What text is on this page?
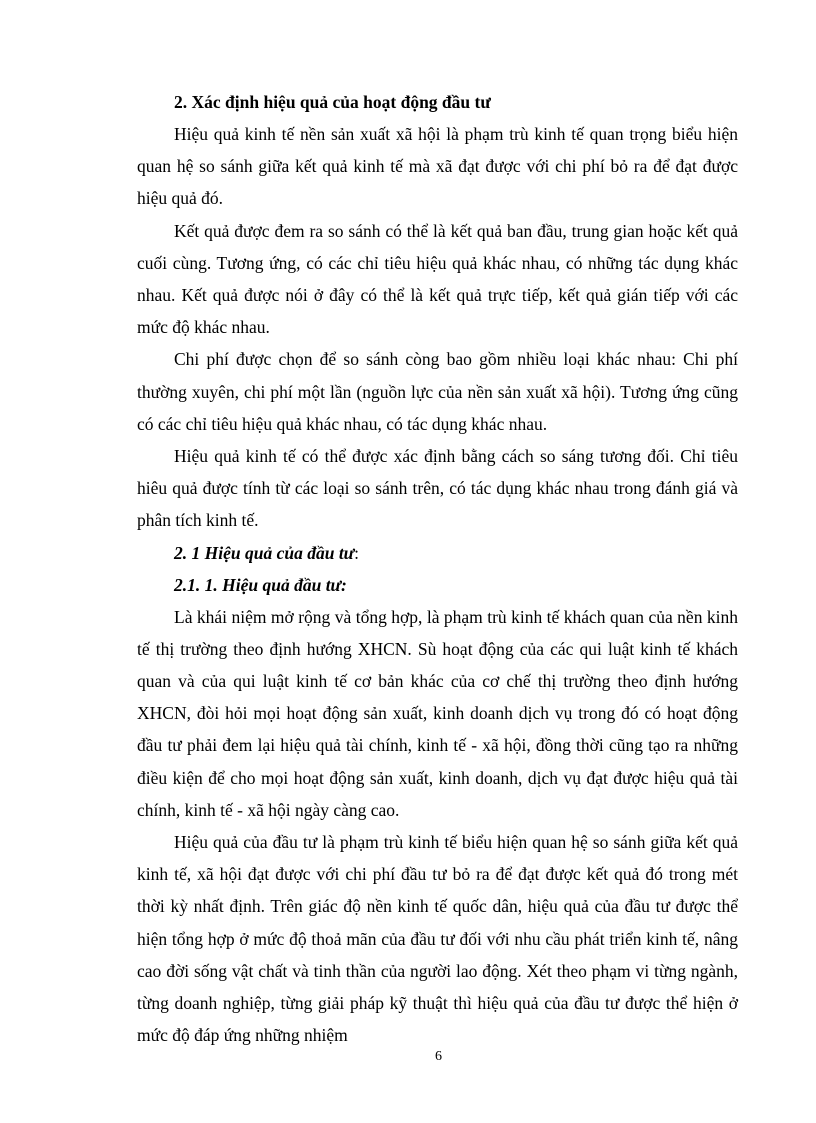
2. Xác định hiệu quả của hoạt động đầu tư

Hiệu quả kinh tế nền sản xuất xã hội là phạm trù kinh tế quan trọng biểu hiện quan hệ so sánh giữa kết quả kinh tế mà xã đạt được với chi phí bỏ ra để đạt được hiệu quả đó.

Kết quả được đem ra so sánh có thể là kết quả ban đầu, trung gian hoặc kết quả cuối cùng. Tương ứng, có các chỉ tiêu hiệu quả khác nhau, có những tác dụng khác nhau. Kết quả được nói ở đây có thể là kết quả trực tiếp, kết quả gián tiếp với các mức độ khác nhau.

Chi phí được chọn để so sánh còng bao gồm nhiều loại khác nhau: Chi phí thường xuyên, chi phí một lần (nguồn lực của nền sản xuất xã hội). Tương ứng cũng có các chỉ tiêu hiệu quả khác nhau, có tác dụng khác nhau.

Hiệu quả kinh tế có thể được xác định bằng cách so sáng tương đối. Chỉ tiêu hiêu quả được tính từ các loại so sánh trên, có tác dụng khác nhau trong đánh giá và phân tích kinh tế.

2. 1 Hiệu quả của đầu tư:

2.1. 1. Hiệu quả đầu tư:

Là khái niệm mở rộng và tổng hợp, là phạm trù kinh tế khách quan của nền kinh tế thị trường theo định hướng XHCN. Sù hoạt động của các qui luật kinh tế khách quan và của qui luật kinh tế cơ bản khác của cơ chế thị trường theo định hướng XHCN, đòi hỏi mọi hoạt động sản xuất, kinh doanh dịch vụ trong đó có hoạt động đầu tư phải đem lại hiệu quả tài chính, kinh tế - xã hội, đồng thời cũng tạo ra những điều kiện để cho mọi hoạt động sản xuất, kinh doanh, dịch vụ đạt được hiệu quả tài chính, kinh tế - xã hội ngày càng cao.

Hiệu quả của đầu tư là phạm trù kinh tế biểu hiện quan hệ so sánh giữa kết quả kinh tế, xã hội đạt được với chi phí đầu tư bỏ ra để đạt được kết quả đó trong mét thời kỳ nhất định. Trên giác độ nền kinh tế quốc dân, hiệu quả của đầu tư được thể hiện tổng hợp ở mức độ thoả mãn của đầu tư đối với nhu cầu phát triển kinh tế, nâng cao đời sống vật chất và tinh thần của người lao động. Xét theo phạm vi từng ngành, từng doanh nghiệp, từng giải pháp kỹ thuật thì hiệu quả của đầu tư được thể hiện ở mức độ đáp ứng những nhiệm

6
